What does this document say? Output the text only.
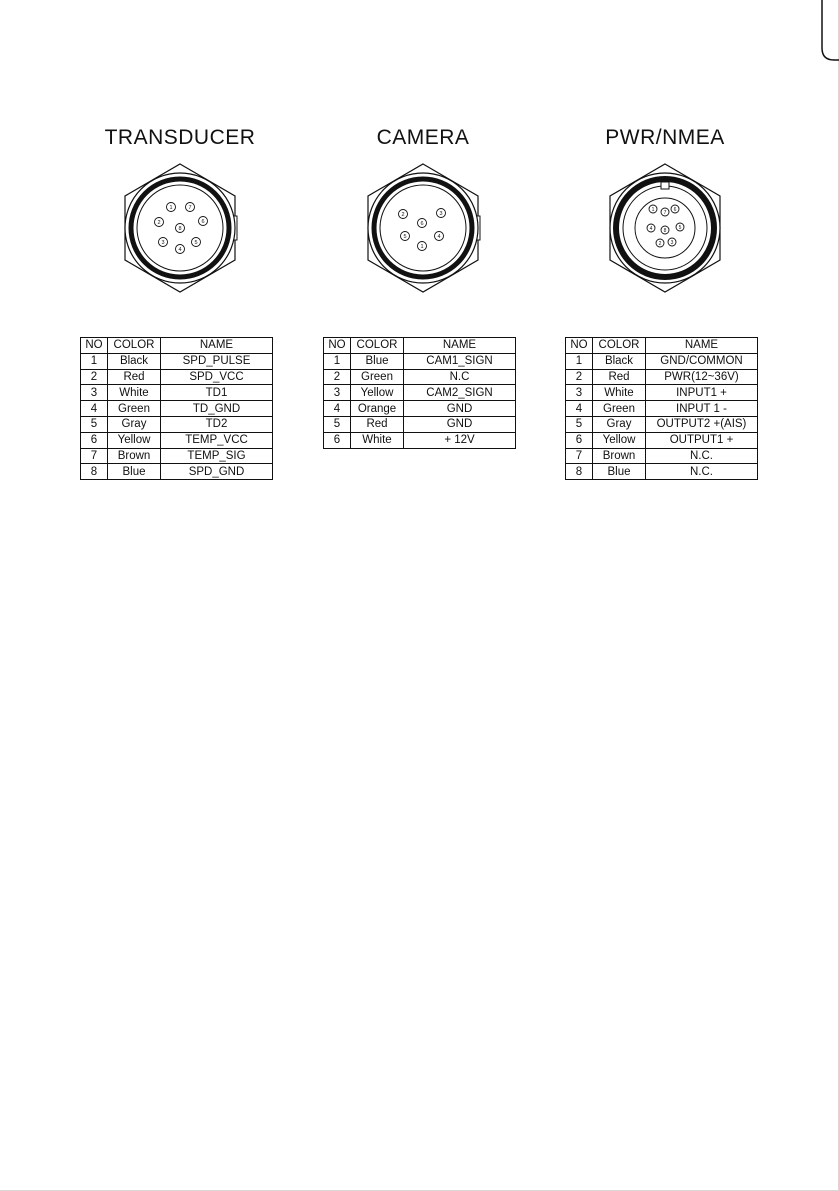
TRANSDUCER
1	7
2
8
6
3	5
4
CAMERA
2	3
6
5	4
1
PWR/NMEA
1 7 6
4 8 5
2 3
NO	COLOR	NAME
1	Black	SPD_PULSE
2	Red	SPD_VCC
3	White	TD1
4	Green	TD_GND
5	Gray	TD2
6	Yellow	TEMP_VCC
7	Brown	TEMP_SIG
8	Blue	SPD_GND
NO	COLOR	NAME
1	Blue	CAM1_SIGN
2	Green	N.C
3	Yellow	CAM2_SIGN
4	Orange	GND
5	Red	GND
6	White	+ 12V
NO	COLOR	NAME
1	Black	GND/COMMON
2	Red	PWR(12~36V)
3	White	INPUT1 +
4	Green	INPUT 1 -
5	Gray	OUTPUT2 +(AIS)
6	Yellow	OUTPUT1 +
7	Brown	N.C.
8	Blue	N.C.
